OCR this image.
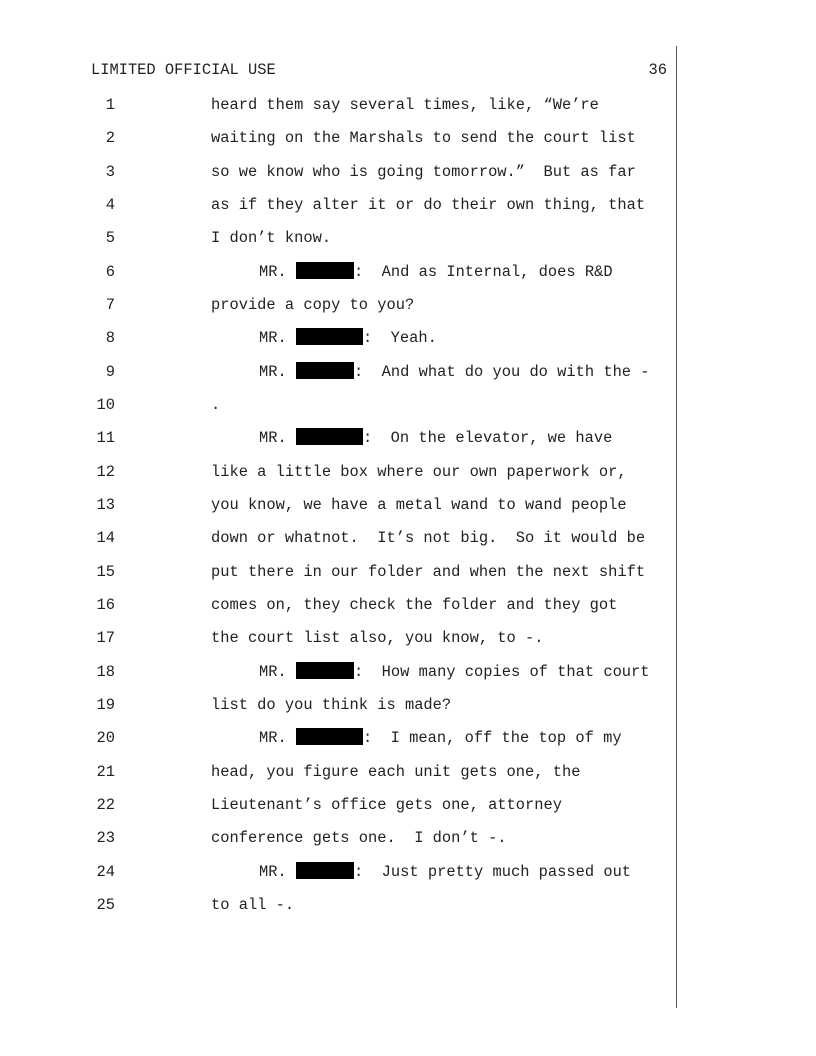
LIMITED OFFICIAL USE	36
1	heard them say several times, like, “We’re
2	waiting on the Marshals to send the court list
3	so we know who is going tomorrow.”  But as far
4	as if they alter it or do their own thing, that
5	I don’t know.
6	MR.	:  And as Internal, does R&D
7	provide a copy to you?
8	MR.	:  Yeah.
9	MR.	:  And what do you do with the -
10	.
11	MR.	:  On the elevator, we have
12	like a little box where our own paperwork or,
13	you know, we have a metal wand to wand people
14	down or whatnot.  It’s not big.  So it would be
15	put there in our folder and when the next shift
16	comes on, they check the folder and they got
17	the court list also, you know, to -.
18	MR.	:  How many copies of that court
19	list do you think is made?
20	MR.	:  I mean, off the top of my
21	head, you figure each unit gets one, the
22	Lieutenant’s office gets one, attorney
23	conference gets one.  I don’t -.
24	MR.	:  Just pretty much passed out
25	to all -.
